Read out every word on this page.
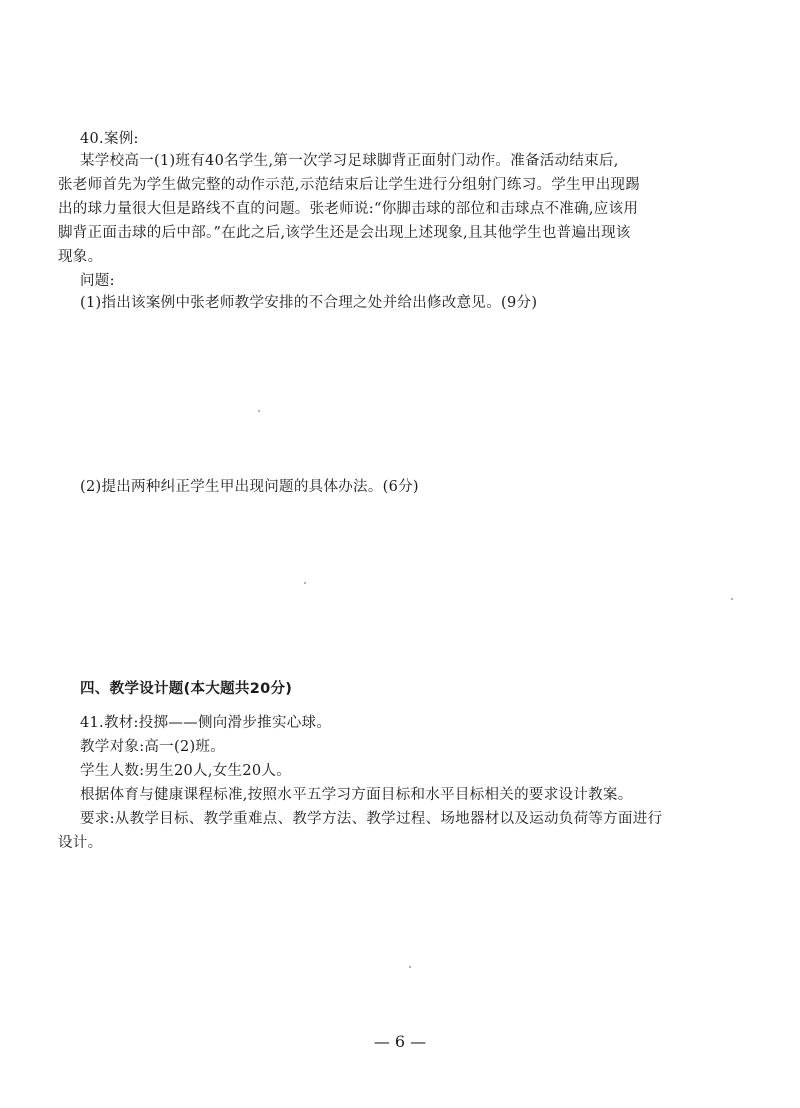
40.案例:
某学校高一(1)班有40名学生,第一次学习足球脚背正面射门动作。准备活动结束后,
张老师首先为学生做完整的动作示范,示范结束后让学生进行分组射门练习。学生甲出现踢
出的球力量很大但是路线不直的问题。张老师说:“你脚击球的部位和击球点不准确,应该用
脚背正面击球的后中部。”在此之后,该学生还是会出现上述现象,且其他学生也普遍出现该
现象。
问题:
(1)指出该案例中张老师教学安排的不合理之处并给出修改意见。(9分)
(2)提出两种纠正学生甲出现问题的具体办法。(6分)
四、教学设计题(本大题共20分)
41.教材:投掷——侧向滑步推实心球。
教学对象:高一(2)班。
学生人数:男生20人,女生20人。
根据体育与健康课程标准,按照水平五学习方面目标和水平目标相关的要求设计教案。
要求:从教学目标、教学重难点、教学方法、教学过程、场地器材以及运动负荷等方面进行
设计。
— 6 —
